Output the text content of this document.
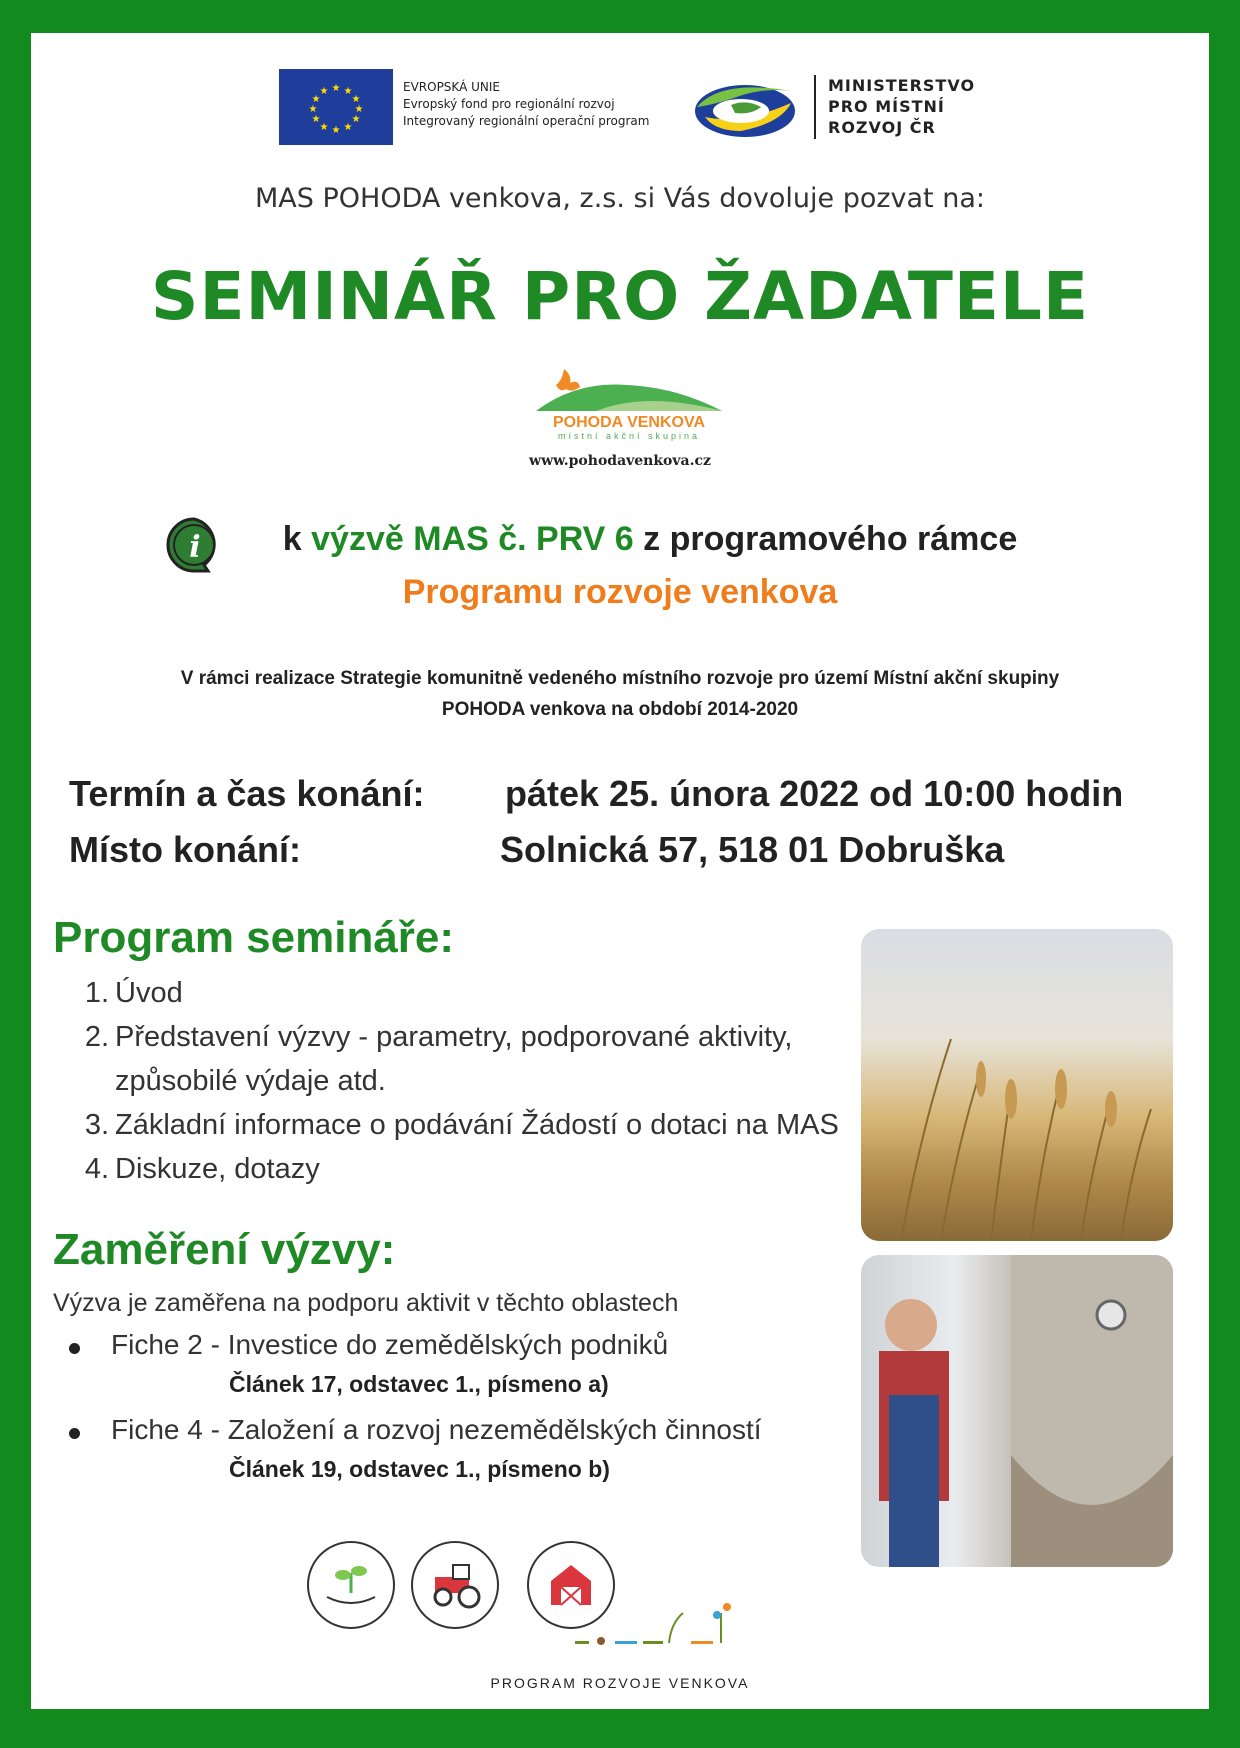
★ ★
★
★
★
★
★
★
★
★
★
★	EVROPSKÁ UNIE
Evropský fond pro regionální rozvoj
Integrovaný regionální operační program
MINISTERSTVO
PRO MÍSTNÍ
ROZVOJ ČR
MAS POHODA venkova, z.s. si Vás dovoluje pozvat na:
SEMINÁŘ PRO ŽADATELE
POHODA VENKOVA
místní akční skupina
www.pohodavenkova.cz
i	k výzvě MAS č. PRV 6 z programového rámce
Programu rozvoje venkova
V rámci realizace Strategie komunitně vedeného místního rozvoje pro území Místní akční skupiny
POHODA venkova na období 2014-2020
Termín a čas konání: pátek 25. února 2022 od 10:00 hodin
Místo konání:	Solnická 57, 518 01 Dobruška
Program semináře:
1. Úvod
2. Představení výzvy - parametry, podporované aktivity,
způsobilé výdaje atd.
3. Základní informace o podávání Žádostí o dotaci na MAS
4. Diskuze, dotazy
Zaměření výzvy:
Výzva je zaměřena na podporu aktivit v těchto oblastech
Fiche 2 - Investice do zemědělských podniků
Článek 17, odstavec 1., písmeno a)
Fiche 4 - Založení a rozvoj nezemědělských činností
Článek 19, odstavec 1., písmeno b)
PROGRAM ROZVOJE VENKOVA
